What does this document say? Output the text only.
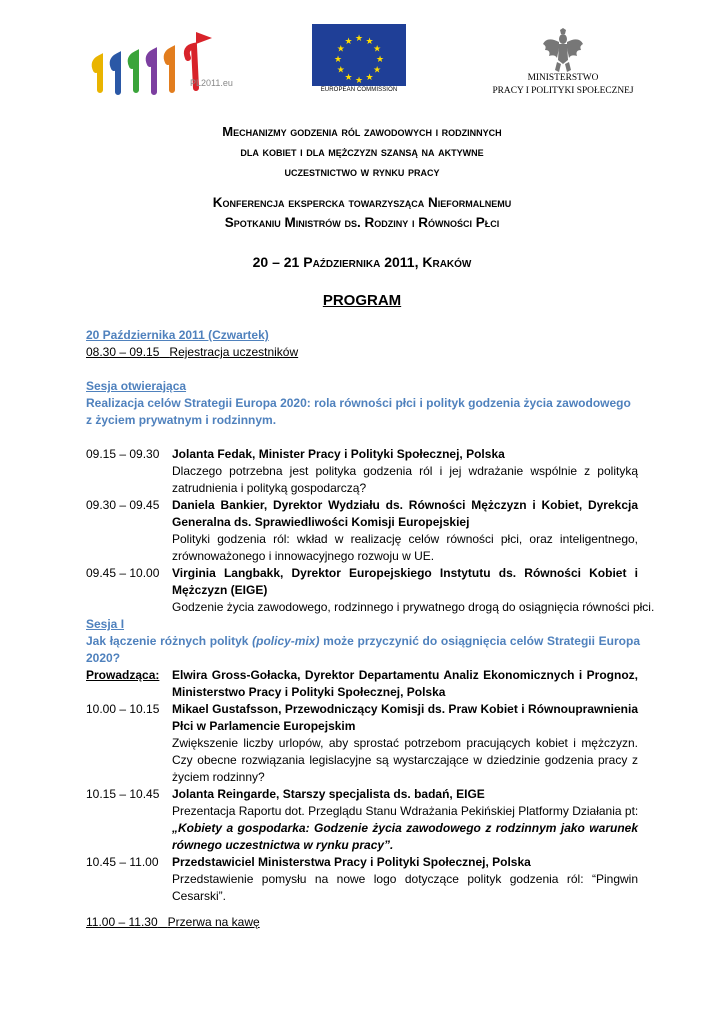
PL2011.eu
★ ★
★
★
★
★
★
★
★
★
★
★
EUROPEAN COMMISSION
MINISTERSTWO
PRACY I POLITYKI SPOŁECZNEJ
Mechanizmy godzenia ról zawodowych i rodzinnych
dla kobiet i dla mężczyzn szansą na aktywne
uczestnictwo w rynku pracy
Konferencja ekspercka towarzysząca Nieformalnemu
Spotkaniu Ministrów ds. Rodziny i Równości Płci
20 – 21 Października 2011, Kraków
PROGRAM
20 Października 2011 (Czwartek)
08.30 – 09.15 Rejestracja uczestników
Sesja otwierająca
Realizacja celów Strategii Europa 2020: rola równości płci i polityk godzenia życia zawodowego z życiem prywatnym i rodzinnym.
09.15 – 09.30 Jolanta Fedak, Minister Pracy i Polityki Społecznej, Polska
Dlaczego potrzebna jest polityka godzenia ról i jej wdrażanie wspólnie z polityką zatrudnienia i polityką gospodarczą?
09.30 – 09.45 Daniela Bankier, Dyrektor Wydziału ds. Równości Mężczyzn i Kobiet, Dyrekcja Generalna ds. Sprawiedliwości Komisji Europejskiej
Polityki godzenia ról: wkład w realizację celów równości płci, oraz inteligentnego, zrównoważonego i innowacyjnego rozwoju w UE.
09.45 – 10.00 Virginia Langbakk, Dyrektor Europejskiego Instytutu ds. Równości Kobiet i Mężczyzn (EIGE)
Godzenie życia zawodowego, rodzinnego i prywatnego drogą do osiągnięcia równości płci.
Sesja I
Jak łączenie różnych polityk (policy-mix) może przyczynić do osiągnięcia celów Strategii Europa 2020?
Prowadząca: Elwira Gross-Gołacka, Dyrektor Departamentu Analiz Ekonomicznych i Prognoz, Ministerstwo Pracy i Polityki Społecznej, Polska
10.00 – 10.15 Mikael Gustafsson, Przewodniczący Komisji ds. Praw Kobiet i Równouprawnienia Płci w Parlamencie Europejskim
Zwiększenie liczby urlopów, aby sprostać potrzebom pracujących kobiet i mężczyzn. Czy obecne rozwiązania legislacyjne są wystarczające w dziedzinie godzenia pracy z życiem rodzinny?
10.15 – 10.45 Jolanta Reingarde, Starszy specjalista ds. badań, EIGE
Prezentacja Raportu dot. Przeglądu Stanu Wdrażania Pekińskiej Platformy Działania pt:
„Kobiety a gospodarka: Godzenie życia zawodowego z rodzinnym jako warunek równego uczestnictwa w rynku pracy”.
10.45 – 11.00 Przedstawiciel Ministerstwa Pracy i Polityki Społecznej, Polska
Przedstawienie pomysłu na nowe logo dotyczące polityk godzenia ról: “Pingwin Cesarski”.
11.00 – 11.30 Przerwa na kawę
